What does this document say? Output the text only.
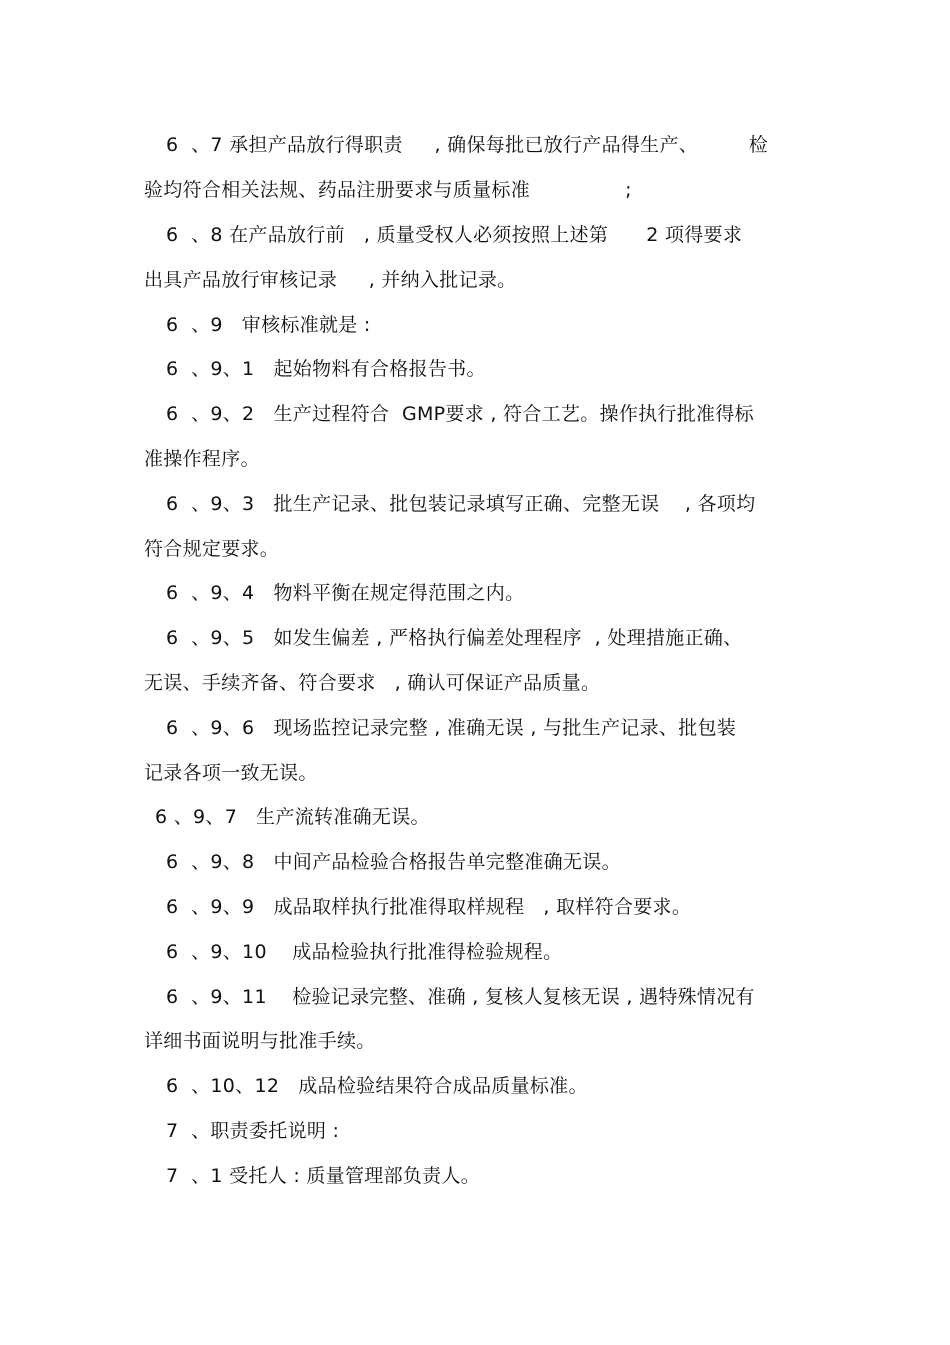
6  、7 承担产品放行得职责     , 确保每批已放行产品得生产、        检
验均符合相关法规、药品注册要求与质量标准               ;
6  、8 在产品放行前   , 质量受权人必须按照上述第      2 项得要求
出具产品放行审核记录     , 并纳入批记录。
6  、9   审核标准就是 :
6  、9、1   起始物料有合格报告书。
6  、9、2   生产过程符合  GMP要求 , 符合工艺。操作执行批准得标
准操作程序。
6  、9、3   批生产记录、批包装记录填写正确、完整无误    , 各项均
符合规定要求。
6  、9、4   物料平衡在规定得范围之内。
6  、9、5   如发生偏差 , 严格执行偏差处理程序  , 处理措施正确、
无误、手续齐备、符合要求   , 确认可保证产品质量。
6  、9、6   现场监控记录完整 , 准确无误 , 与批生产记录、批包装
记录各项一致无误。
6 、9、7   生产流转准确无误。
6  、9、8   中间产品检验合格报告单完整准确无误。
6  、9、9   成品取样执行批准得取样规程   , 取样符合要求。
6  、9、10    成品检验执行批准得检验规程。
6  、9、11    检验记录完整、准确 , 复核人复核无误 , 遇特殊情况有
详细书面说明与批准手续。
6  、10、12   成品检验结果符合成品质量标准。
7  、职责委托说明 :
7  、1 受托人 : 质量管理部负责人。
